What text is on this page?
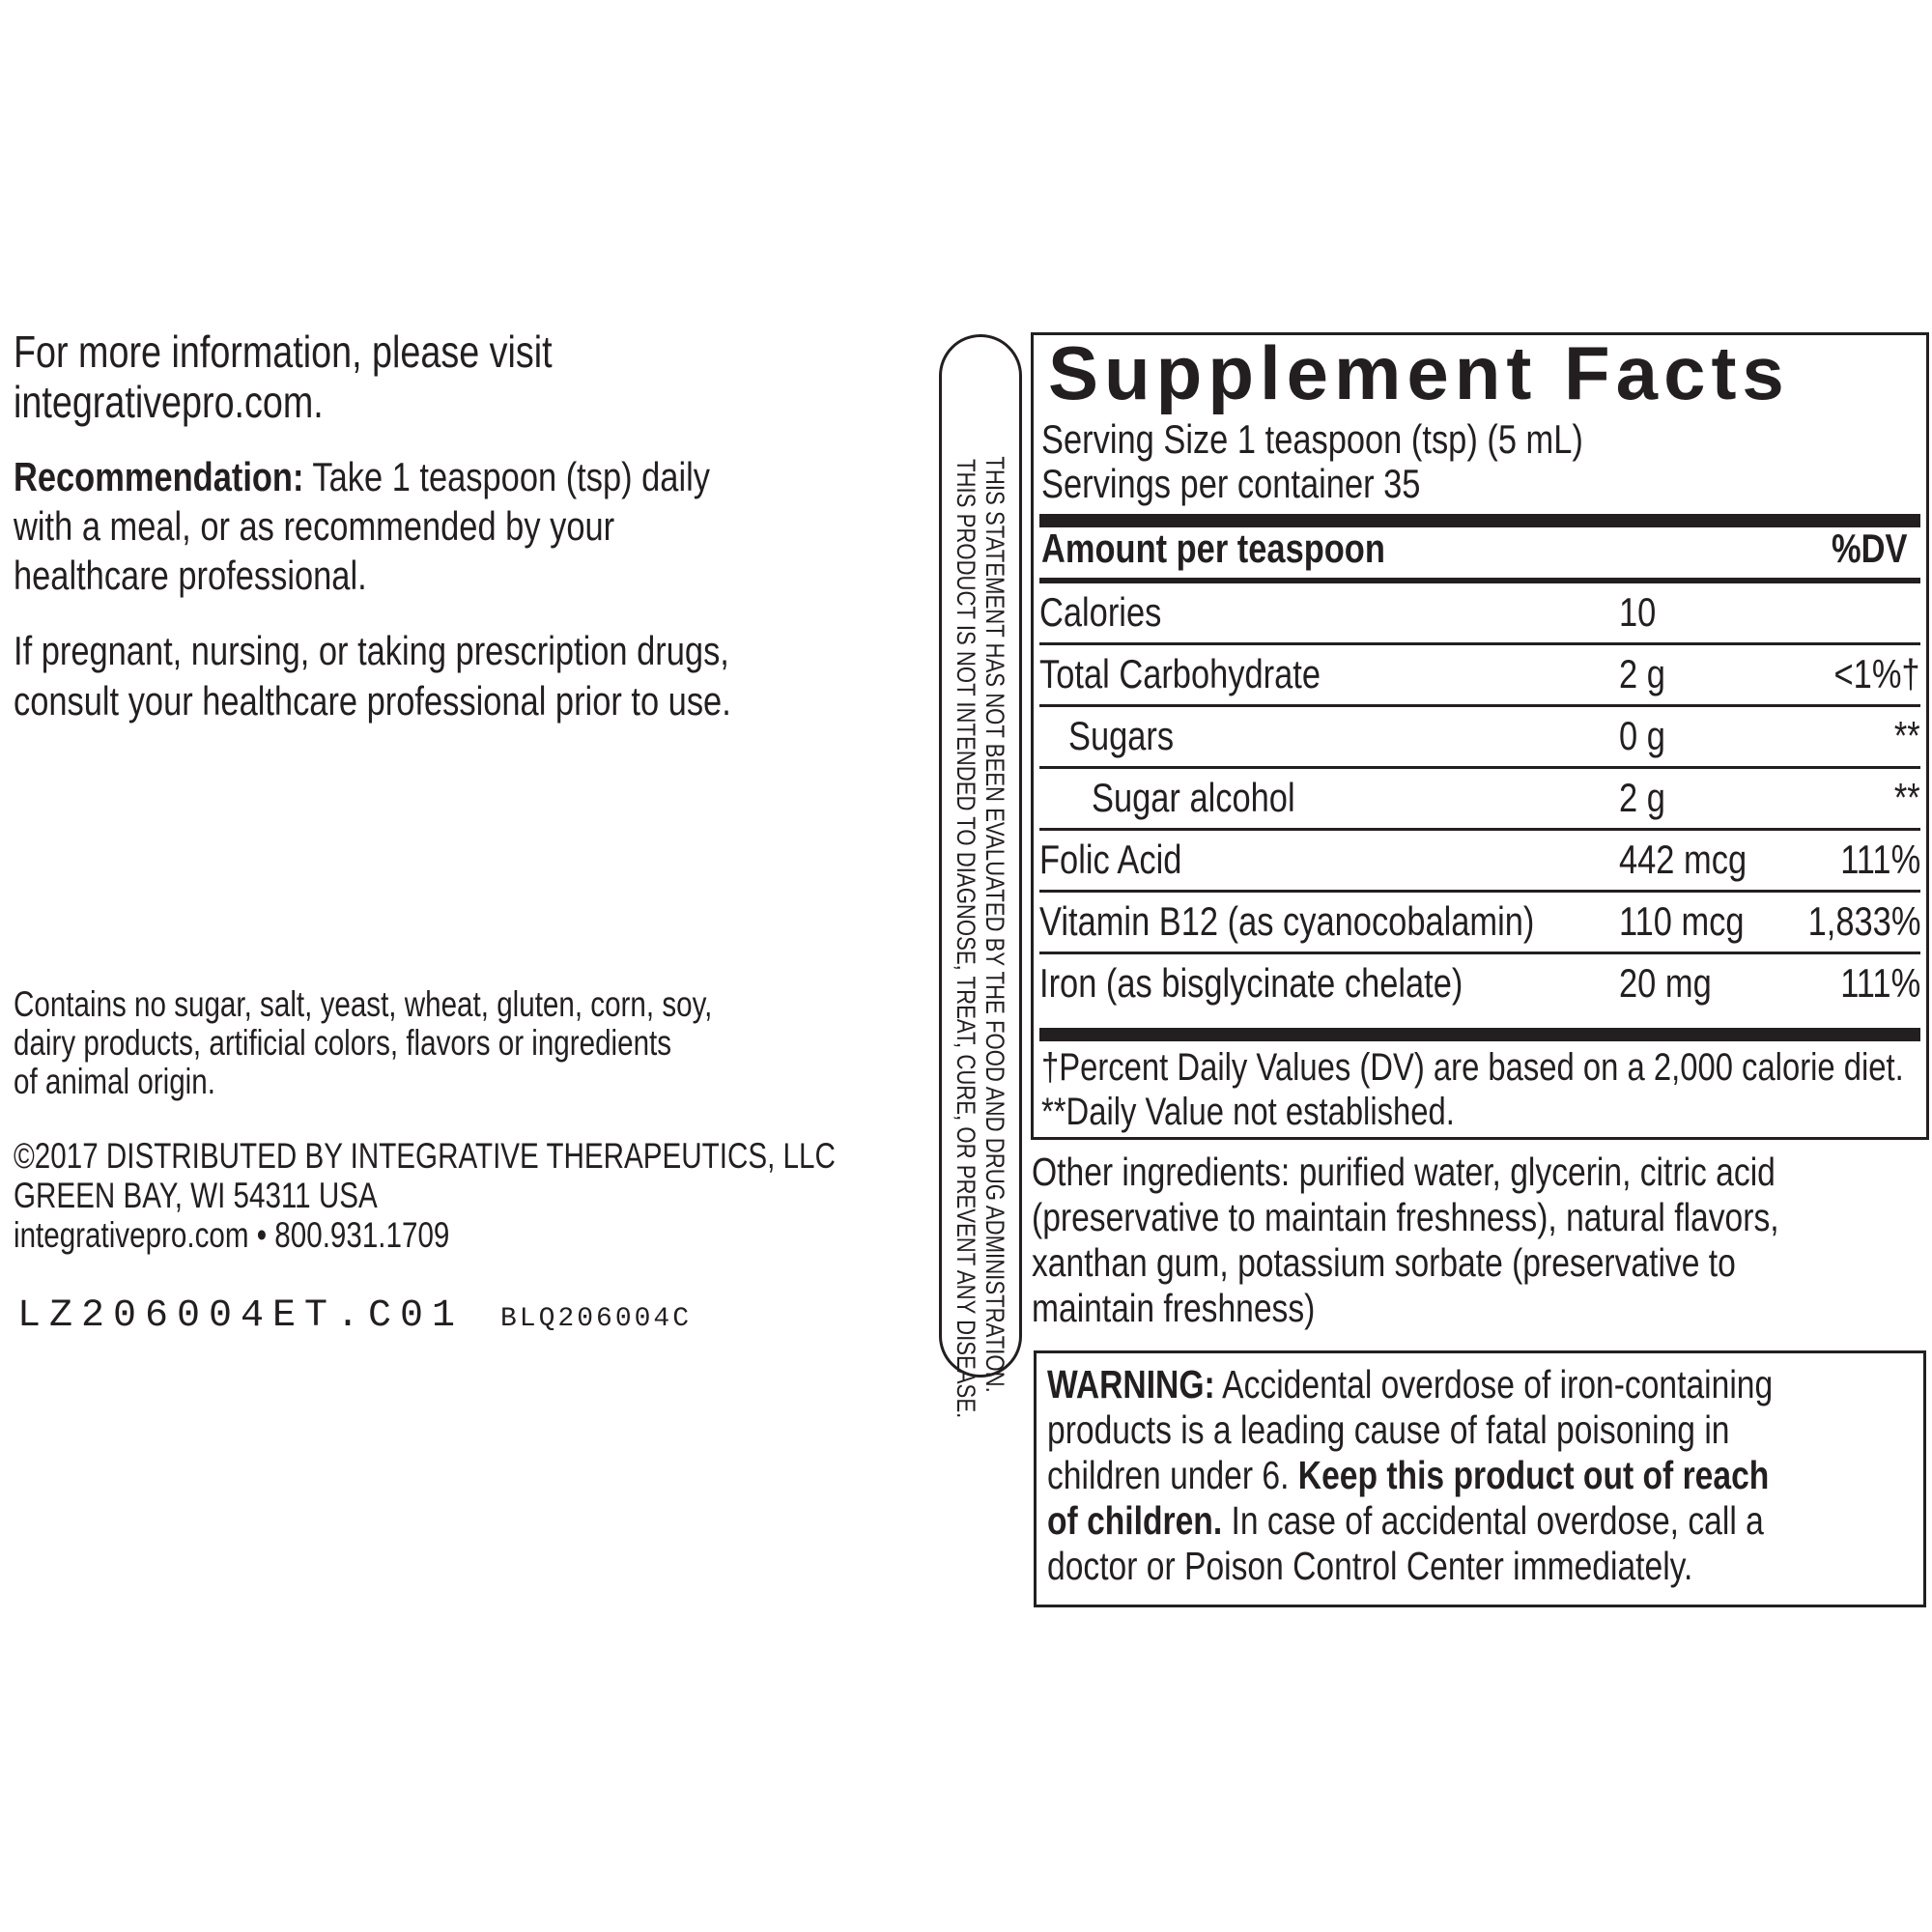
For more information, please visit
integrativepro.com.
Recommendation: Take 1 teaspoon (tsp) daily
with a meal, or as recommended by your
healthcare professional.
If pregnant, nursing, or taking prescription drugs,
consult your healthcare professional prior to use.
Contains no sugar, salt, yeast, wheat, gluten, corn, soy,
dairy products, artificial colors, flavors or ingredients
of animal origin.
©2017 DISTRIBUTED BY INTEGRATIVE THERAPEUTICS, LLC
GREEN BAY, WI 54311 USA
integrativepro.com • 800.931.1709
LZ206004ET.C01 BLQ206004C	THIS STATEMENT HAS NOT BEEN EVALUATED BY THE FOOD AND DRUG ADMINISTRATION.
THIS PRODUCT IS NOT INTENDED TO DIAGNOSE, TREAT, CURE, OR PREVENT ANY DISEASE.
Supplement Facts
Serving Size 1 teaspoon (tsp) (5 mL)
Servings per container 35
Amount per teaspoon	%DV
Calories	10
Total Carbohydrate	2 g	<1%†
Sugars	0 g	**
Sugar alcohol	2 g	**
Folic Acid	442 mcg	111%
Vitamin B12 (as cyanocobalamin)	110 mcg	1,833%
Iron (as bisglycinate chelate)	20 mg	111%
†Percent Daily Values (DV) are based on a 2,000 calorie diet.
**Daily Value not established.
Other ingredients: purified water, glycerin, citric acid
(preservative to maintain freshness), natural flavors,
xanthan gum, potassium sorbate (preservative to
maintain freshness)
WARNING: Accidental overdose of iron-containing
products is a leading cause of fatal poisoning in
children under 6. Keep this product out of reach
of children. In case of accidental overdose, call a
doctor or Poison Control Center immediately.
